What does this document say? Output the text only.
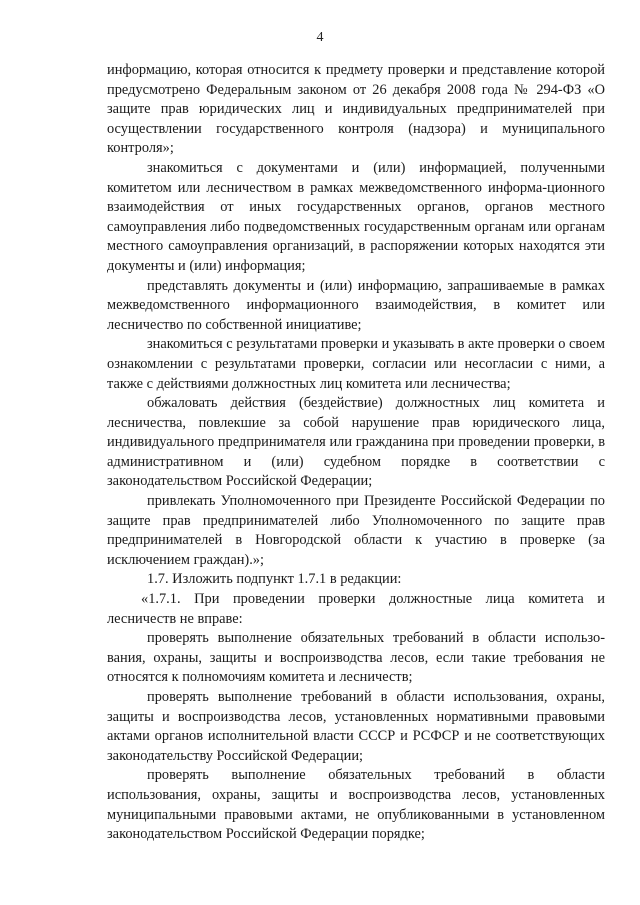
4

информацию, которая относится к предмету проверки и представление которой предусмотрено Федеральным законом от 26 декабря 2008 года № 294-ФЗ «О защите прав юридических лиц и индивидуальных предпринимателей при осуществлении государственного контроля (надзора) и муниципального контроля»;

знакомиться с документами и (или) информацией, полученными комитетом или лесничеством в рамках межведомственного информа-ционного взаимодействия от иных государственных органов, органов местного самоуправления либо подведомственных государственным органам или органам местного самоуправления организаций, в распоряжении которых находятся эти документы и (или) информация;

представлять документы и (или) информацию, запрашиваемые в рамках межведомственного информационного взаимодействия, в комитет или лесничество по собственной инициативе;

знакомиться с результатами проверки и указывать в акте проверки о своем ознакомлении с результатами проверки, согласии или несогласии с ними, а также с действиями должностных лиц комитета или лесничества;

обжаловать действия (бездействие) должностных лиц комитета и лесничества, повлекшие за собой нарушение прав юридического лица, индивидуального предпринимателя или гражданина при проведении проверки, в административном и (или) судебном порядке в соответствии с законодательством Российской Федерации;

привлекать Уполномоченного при Президенте Российской Федерации по защите прав предпринимателей либо Уполномоченного по защите прав предпринимателей в Новгородской области к участию в проверке (за исключением граждан).»;

1.7. Изложить подпункт 1.7.1 в редакции:

«1.7.1. При проведении проверки должностные лица комитета и лесничеств не вправе:

проверять выполнение обязательных требований в области использо-вания, охраны, защиты и воспроизводства лесов, если такие требования не относятся к полномочиям комитета и лесничеств;

проверять выполнение требований в области использования, охраны, защиты и воспроизводства лесов, установленных нормативными правовыми актами органов исполнительной власти СССР и РСФСР и не соответствующих законодательству Российской Федерации;

проверять выполнение обязательных требований в области использования, охраны, защиты и воспроизводства лесов, установленных муниципальными правовыми актами, не опубликованными в установленном законодательством Российской Федерации порядке;
